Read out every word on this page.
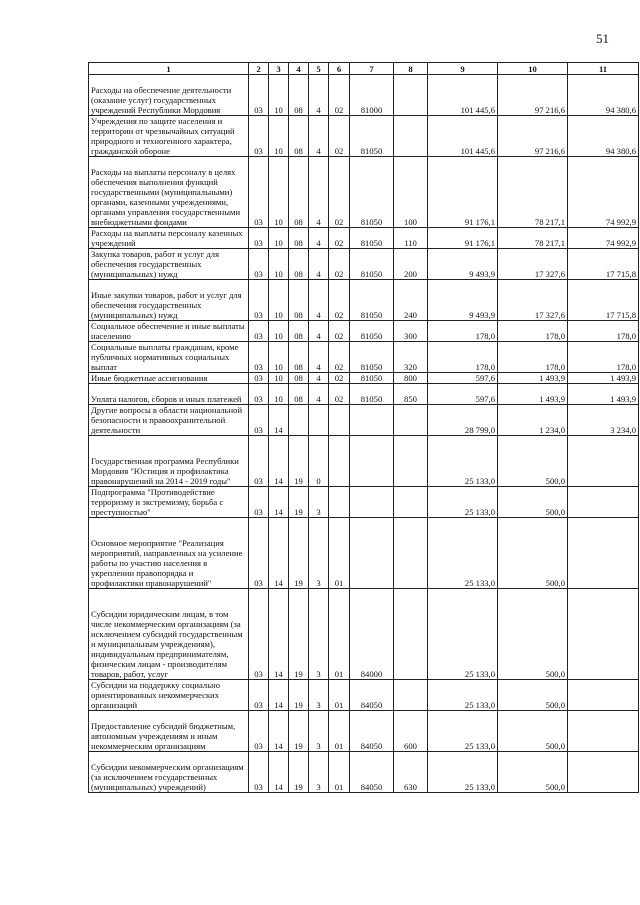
51
1	2	3	4	5	6	7	8	9	10	11
Расходы на обеспечение деятельности (оказание услуг) государственных учреждений Республики Мордовия	03	10	08	4	02	81000		101 445,6	97 216,6	94 380,6
Учреждения по защите населения и территории от чрезвычайных ситуаций природного и техногенного характера, гражданской обороне	03	10	08	4	02	81050		101 445,6	97 216,6	94 380,6
Расходы на выплаты персоналу в целях обеспечения выполнения функций государственными (муниципальными) органами, казенными учреждениями, органами управления государственными внебюджетными фондами	03	10	08	4	02	81050	100	91 176,1	78 217,1	74 992,9
Расходы на выплаты персоналу казенных учреждений	03	10	08	4	02	81050	110	91 176,1	78 217,1	74 992,9
Закупка товаров, работ и услуг для обеспечения государственных (муниципальных) нужд	03	10	08	4	02	81050	200	9 493,9	17 327,6	17 715,8
Иные закупки товаров, работ и услуг для обеспечения государственных (муниципальных) нужд	03	10	08	4	02	81050	240	9 493,9	17 327,6	17 715,8
Социальное обеспечение и иные выплаты населению	03	10	08	4	02	81050	300	178,0	178,0	178,0
Социальные выплаты гражданам, кроме публичных нормативных социальных выплат	03	10	08	4	02	81050	320	178,0	178,0	178,0
Иные бюджетные ассигнования	03	10	08	4	02	81050	800	597,6	1 493,9	1 493,9
Уплата налогов, сборов и иных платежей	03	10	08	4	02	81050	850	597,6	1 493,9	1 493,9
Другие вопросы в области национальной безопасности и правоохранительной деятельности	03	14						28 799,0	1 234,0	3 234,0
Государственная программа Республики Мордовия "Юстиция и профилактика правонарушений на 2014 - 2019 годы"	03	14	19	0				25 133,0	500,0	
Подпрограмма "Противодействие терроризму и экстремизму, борьба с преступностью"	03	14	19	3				25 133,0	500,0	
Основное мероприятие "Реализация мероприятий, направленных на усиление работы по участию населения в укреплении правопорядка и профилактики правонарушений"	03	14	19	3	01			25 133,0	500,0	
Субсидии юридическим лицам, в том числе некоммерческим организациям (за исключением субсидий государственным и муниципальным учреждениям), индивидуальным предпринимателям, физическим лицам - производителям товаров, работ, услуг	03	14	19	3	01	84000		25 133,0	500,0	
Субсидии на поддержку социально ориентированных некоммерческих организаций	03	14	19	3	01	84050		25 133,0	500,0	
Предоставление субсидий бюджетным, автономным учреждениям и иным некоммерческим организациям	03	14	19	3	01	84050	600	25 133,0	500,0	
Субсидии некоммерческим организациям (за исключением государственных (муниципальных) учреждений)	03	14	19	3	01	84050	630	25 133,0	500,0	
